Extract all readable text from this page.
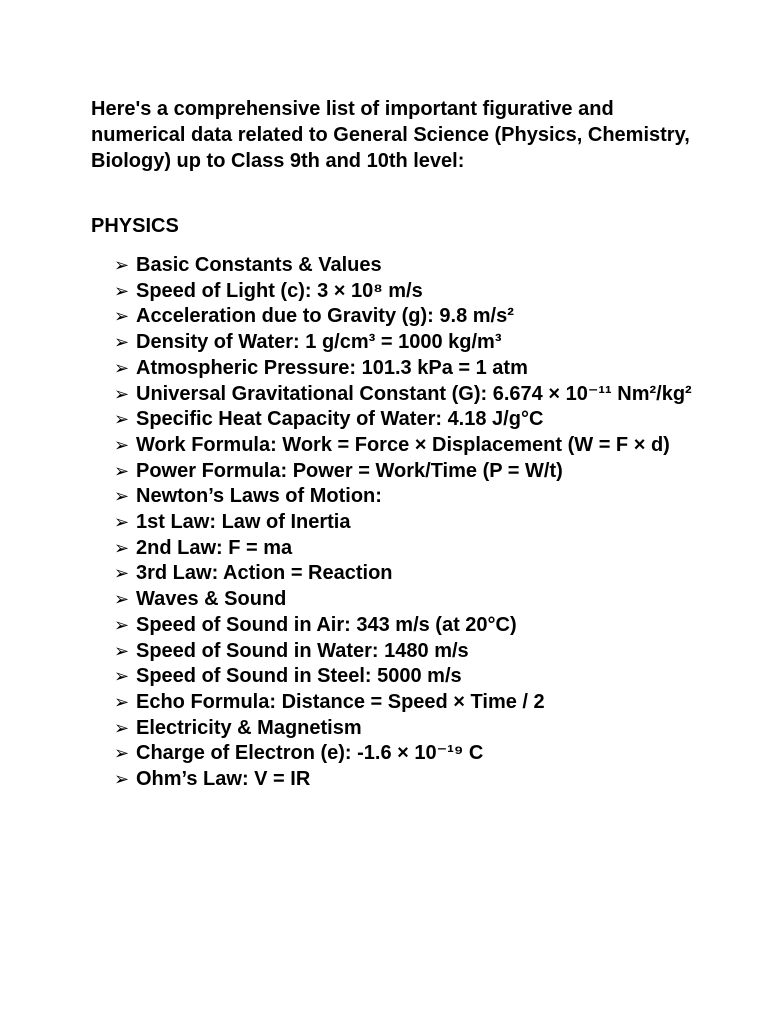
Here's a comprehensive list of important figurative and numerical data related to General Science (Physics, Chemistry, Biology) up to Class 9th and 10th level:

PHYSICS

➢ Basic Constants & Values
➢ Speed of Light (c): 3 × 10⁸ m/s
➢ Acceleration due to Gravity (g): 9.8 m/s²
➢ Density of Water: 1 g/cm³ = 1000 kg/m³
➢ Atmospheric Pressure: 101.3 kPa = 1 atm
➢ Universal Gravitational Constant (G): 6.674 × 10⁻¹¹ Nm²/kg²
➢ Specific Heat Capacity of Water: 4.18 J/g°C
➢ Work Formula: Work = Force × Displacement (W = F × d)
➢ Power Formula: Power = Work/Time (P = W/t)
➢ Newton’s Laws of Motion:
➢ 1st Law: Law of Inertia
➢ 2nd Law: F = ma
➢ 3rd Law: Action = Reaction
➢ Waves & Sound
➢ Speed of Sound in Air: 343 m/s (at 20°C)
➢ Speed of Sound in Water: 1480 m/s
➢ Speed of Sound in Steel: 5000 m/s
➢ Echo Formula: Distance = Speed × Time / 2
➢ Electricity & Magnetism
➢ Charge of Electron (e): -1.6 × 10⁻¹⁹ C
➢ Ohm’s Law: V = IR
